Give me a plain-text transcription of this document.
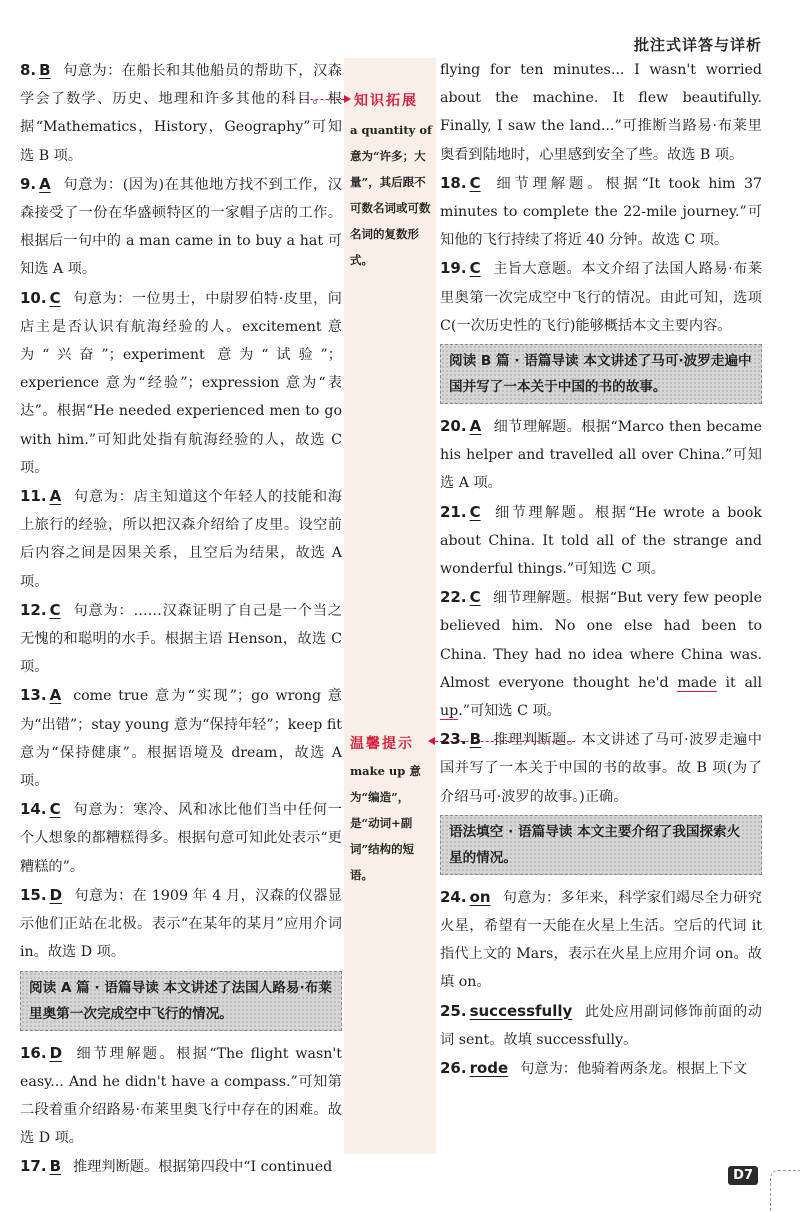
批注式详答与详析
知识拓展
a quantity of 意为“许多；大量”，其后跟不可数名词或可数名词的复数形式。
温馨提示
make up 意为“编造”，是“动词+副词”结构的短语。
8. B 句意为：在船长和其他船员的帮助下，汉森学会了数学、历史、地理和许多其他的科目。根据“Mathematics，History，Geography”可知选 B 项。
9. A 句意为：(因为)在其他地方找不到工作，汉森接受了一份在华盛顿特区的一家帽子店的工作。根据后一句中的 a man came in to buy a hat 可知选 A 项。
10. C 句意为：一位男士，中尉罗伯特·皮里，问店主是否认识有航海经验的人。excitement 意为“兴奋”；experiment 意为“试验”；experience 意为“经验”；expression 意为“表达”。根据“He needed experienced men to go with him.”可知此处指有航海经验的人，故选 C 项。
11. A 句意为：店主知道这个年轻人的技能和海上旅行的经验，所以把汉森介绍给了皮里。设空前后内容之间是因果关系，且空后为结果，故选 A 项。
12. C 句意为：……汉森证明了自己是一个当之无愧的和聪明的水手。根据主语 Henson，故选 C 项。
13. A come true 意为“实现”；go wrong 意为“出错”；stay young 意为“保持年轻”；keep fit 意为“保持健康”。根据语境及 dream，故选 A 项。
14. C 句意为：寒冷、风和冰比他们当中任何一个人想象的都糟糕得多。根据句意可知此处表示“更糟糕的”。
15. D 句意为：在 1909 年 4 月，汉森的仪器显示他们正站在北极。表示“在某年的某月”应用介词 in。故选 D 项。
阅读 A 篇 · 语篇导读 本文讲述了法国人路易·布莱里奥第一次完成空中飞行的情况。
16. D 细节理解题。根据“The flight wasn't easy... And he didn't have a compass.”可知第二段着重介绍路易·布莱里奥飞行中存在的困难。故选 D 项。
17. B 推理判断题。根据第四段中“I continued
flying for ten minutes... I wasn't worried about the machine. It flew beautifully. Finally, I saw the land...”可推断当路易·布莱里奥看到陆地时，心里感到安全了些。故选 B 项。
18. C 细节理解题。根据“It took him 37 minutes to complete the 22-mile journey.”可知他的飞行持续了将近 40 分钟。故选 C 项。
19. C 主旨大意题。本文介绍了法国人路易·布莱里奥第一次完成空中飞行的情况。由此可知，选项 C(一次历史性的飞行)能够概括本文主要内容。
阅读 B 篇 · 语篇导读 本文讲述了马可·波罗走遍中国并写了一本关于中国的书的故事。
20. A 细节理解题。根据“Marco then became his helper and travelled all over China.”可知选 A 项。
21. C 细节理解题。根据“He wrote a book about China. It told all of the strange and wonderful things.”可知选 C 项。
22. C 细节理解题。根据“But very few people believed him. No one else had been to China. They had no idea where China was. Almost everyone thought he'd made it all up.”可知选 C 项。
23. B 推理判断题。本文讲述了马可·波罗走遍中国并写了一本关于中国的书的故事。故 B 项(为了介绍马可·波罗的故事。)正确。
语法填空 · 语篇导读 本文主要介绍了我国探索火星的情况。
24. on 句意为：多年来，科学家们竭尽全力研究火星，希望有一天能在火星上生活。空后的代词 it 指代上文的 Mars，表示在火星上应用介词 on。故填 on。
25. successfully 此处应用副词修饰前面的动词 sent。故填 successfully。
26. rode 句意为：他骑着两条龙。根据上下文
D7
